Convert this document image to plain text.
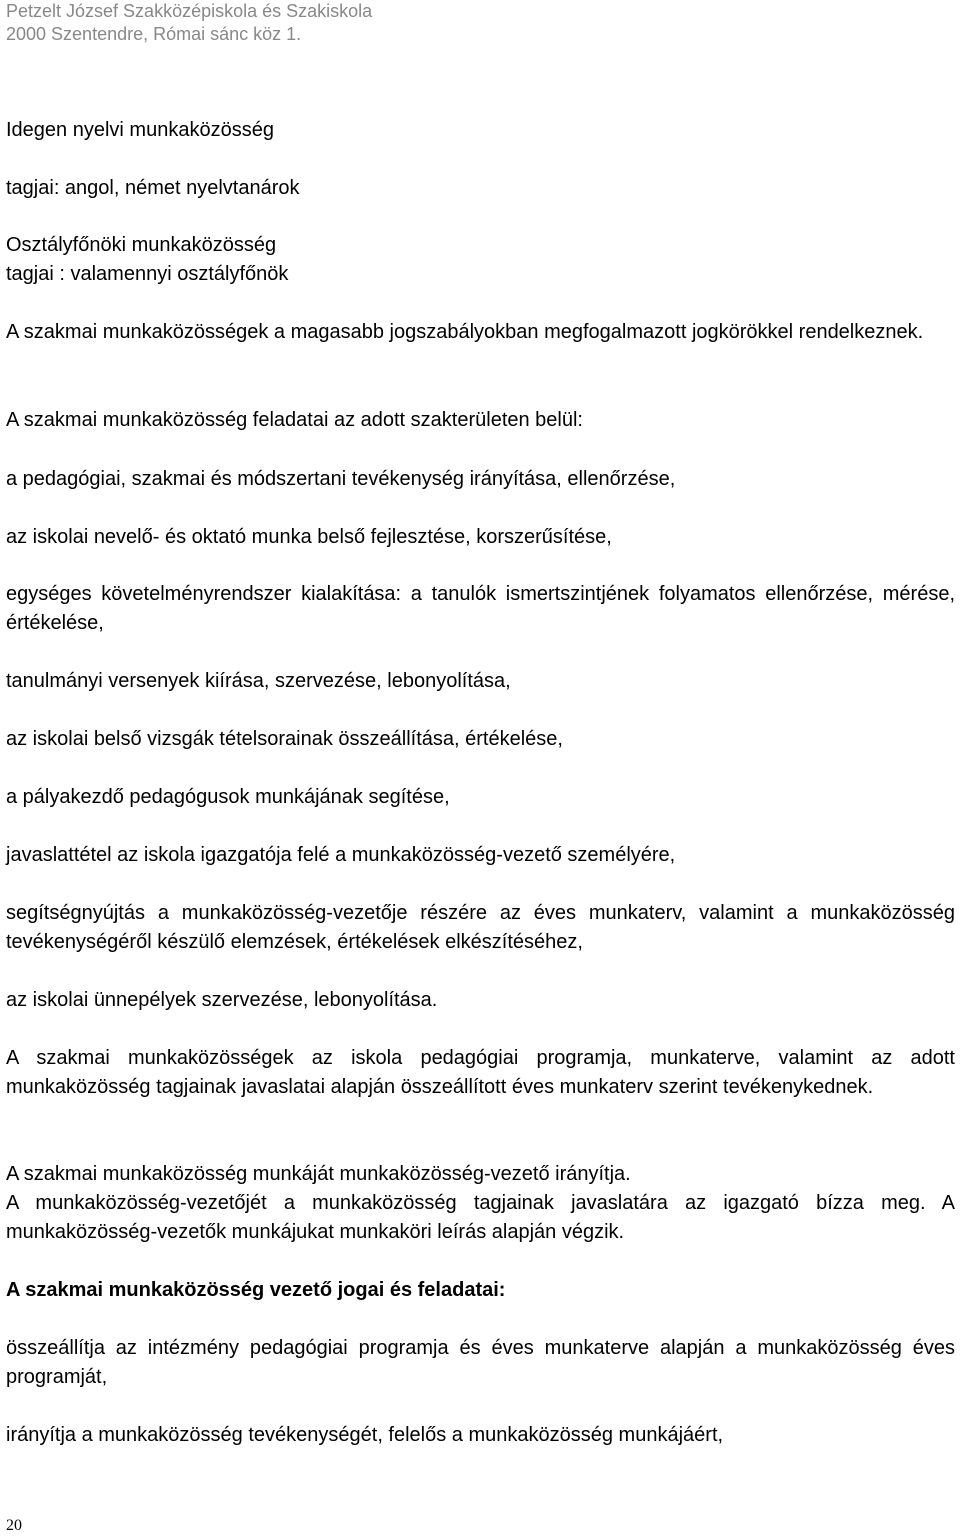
Petzelt József Szakközépiskola és Szakiskola
2000 Szentendre, Római sánc köz 1.
Idegen nyelvi munkaközösség
tagjai: angol, német nyelvtanárok
Osztályfőnöki munkaközösség
tagjai : valamennyi osztályfőnök
A szakmai munkaközösségek a magasabb jogszabályokban megfogalmazott jogkörökkel rendelkeznek.
A szakmai munkaközösség feladatai az adott szakterületen belül:
a pedagógiai, szakmai és módszertani tevékenység irányítása, ellenőrzése,
az iskolai nevelő- és oktató munka belső fejlesztése, korszerűsítése,
egységes követelményrendszer kialakítása: a tanulók ismertszintjének folyamatos ellenőrzése, mérése, értékelése,
tanulmányi versenyek kiírása, szervezése, lebonyolítása,
az iskolai belső vizsgák tételsorainak összeállítása, értékelése,
a pályakezdő pedagógusok munkájának segítése,
javaslattétel az iskola igazgatója felé a munkaközösség-vezető személyére,
segítségnyújtás a munkaközösség-vezetője részére az éves munkaterv, valamint a munkaközösség tevékenységéről készülő elemzések, értékelések elkészítéséhez,
az iskolai ünnepélyek szervezése, lebonyolítása.
A szakmai munkaközösségek az iskola pedagógiai programja, munkaterve, valamint az adott munkaközösség tagjainak javaslatai alapján összeállított éves munkaterv szerint tevékenykednek.
A szakmai munkaközösség munkáját munkaközösség-vezető irányítja.
A munkaközösség-vezetőjét a munkaközösség tagjainak javaslatára az igazgató bízza meg. A munkaközösség-vezetők munkájukat munkaköri leírás alapján végzik.
A szakmai munkaközösség vezető jogai és feladatai:
összeállítja az intézmény pedagógiai programja és éves munkaterve alapján a munkaközösség éves programját,
irányítja a munkaközösség tevékenységét, felelős a munkaközösség munkájáért,
20
